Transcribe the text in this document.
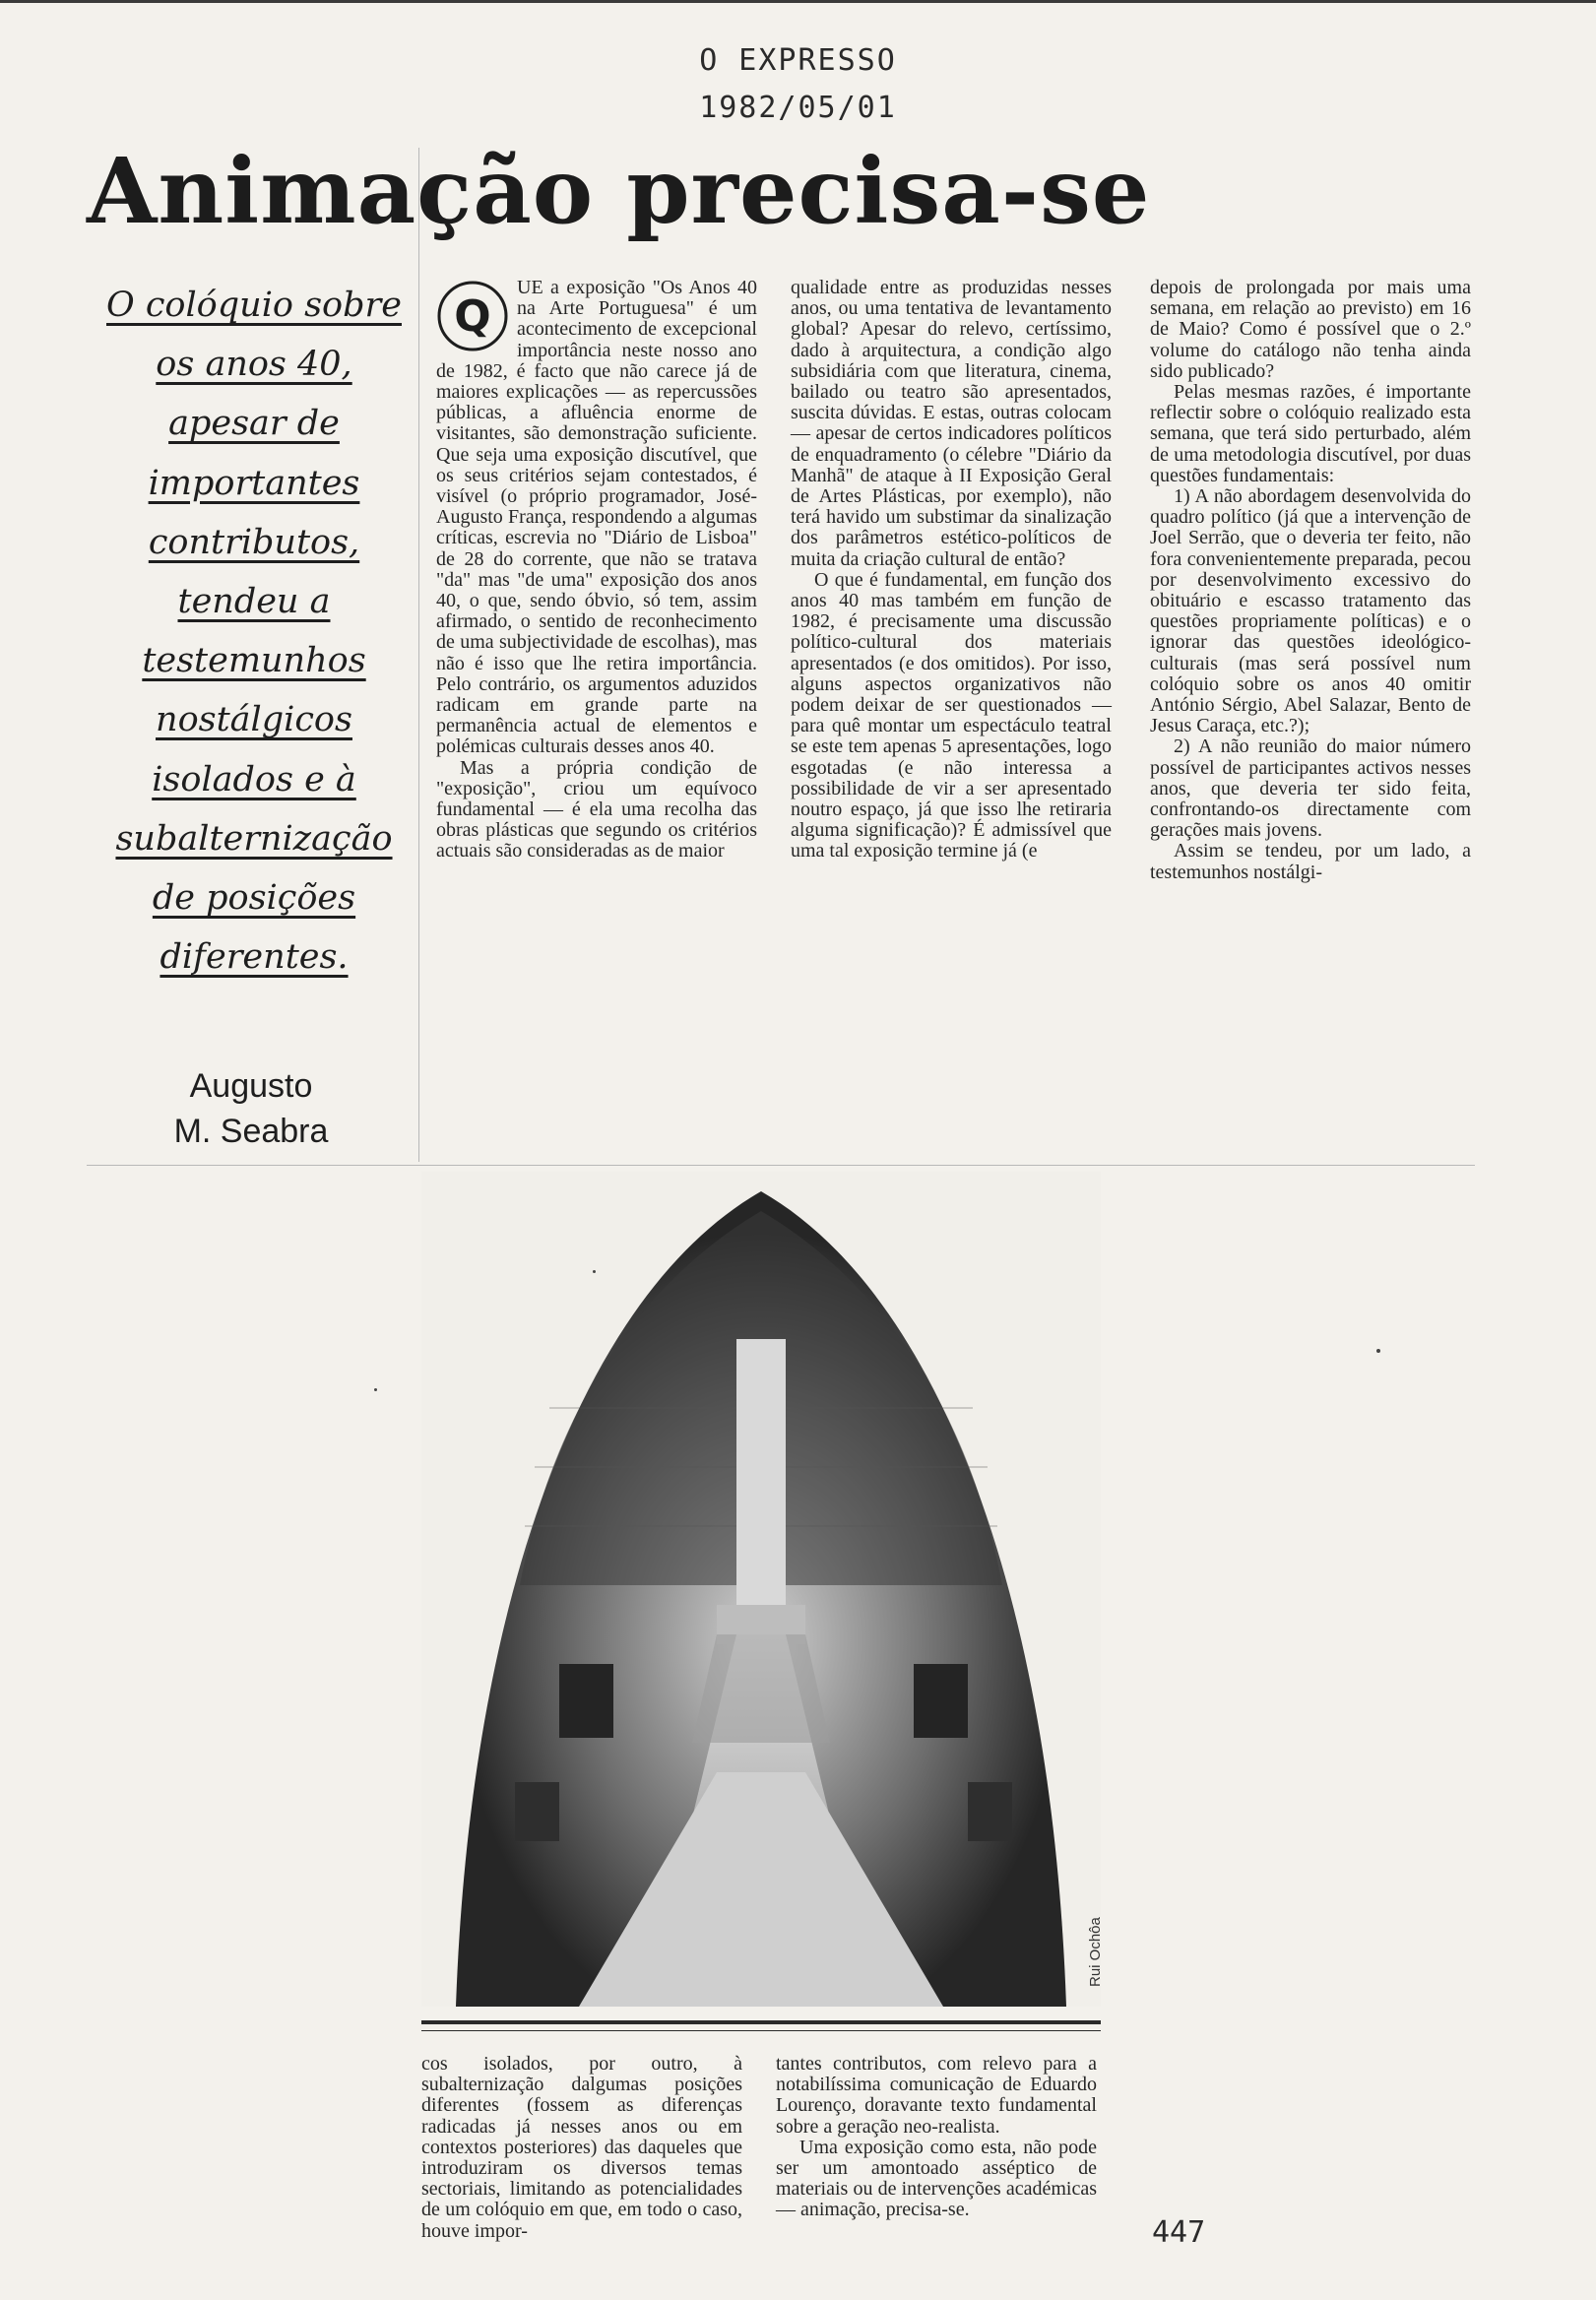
O EXPRESSO
1982/05/01
Animação precisa-se
O colóquio sobre
os anos 40,
apesar de
importantes
contributos,
tendeu a
testemunhos
nostálgicos
isolados e à
subalternização
de posições
diferentes.
Augusto
M. Seabra
Q

UE a exposição "Os Anos 40 na Arte Portuguesa" é um acontecimento de excepcional importância neste nosso ano de 1982, é facto que não carece já de maiores explicações — as repercussões públicas, a afluência enorme de visitantes, são demonstração suficiente. Que seja uma exposição discutível, que os seus critérios sejam contestados, é visível (o próprio programador, José-Augusto França, respondendo a algumas críticas, escrevia no "Diário de Lisboa" de 28 do corrente, que não se tratava "da" mas "de uma" exposição dos anos 40, o que, sendo óbvio, só tem, assim afirmado, o sentido de reconhecimento de uma subjectividade de escolhas), mas não é isso que lhe retira importância. Pelo contrário, os argumentos aduzidos radicam em grande parte na permanência actual de elementos e polémicas culturais desses anos 40.

Mas a própria condição de "exposição", criou um equívoco fundamental — é ela uma recolha das obras plásticas que segundo os critérios actuais são consideradas as de maior

qualidade entre as produzidas nesses anos, ou uma tentativa de levantamento global? Apesar do relevo, certíssimo, dado à arquitectura, a condição algo subsidiária com que literatura, cinema, bailado ou teatro são apresentados, suscita dúvidas. E estas, outras colocam — apesar de certos indicadores políticos de enquadramento (o célebre "Diário da Manhã" de ataque à II Exposição Geral de Artes Plásticas, por exemplo), não terá havido um substimar da sinalização dos parâmetros estético-políticos de muita da criação cultural de então?

O que é fundamental, em função dos anos 40 mas também em função de 1982, é precisamente uma discussão político-cultural dos materiais apresentados (e dos omitidos). Por isso, alguns aspectos organizativos não podem deixar de ser questionados — para quê montar um espectáculo teatral se este tem apenas 5 apresentações, logo esgotadas (e não interessa a possibilidade de vir a ser apresentado noutro espaço, já que isso lhe retiraria alguma significação)? É admissível que uma tal exposição termine já (e

depois de prolongada por mais uma semana, em relação ao previsto) em 16 de Maio? Como é possível que o 2.º volume do catálogo não tenha ainda sido publicado?

Pelas mesmas razões, é importante reflectir sobre o colóquio realizado esta semana, que terá sido perturbado, além de uma metodologia discutível, por duas questões fundamentais:

1) A não abordagem desenvolvida do quadro político (já que a intervenção de Joel Serrão, que o deveria ter feito, não fora convenientemente preparada, pecou por desenvolvimento excessivo do obituário e escasso tratamento das questões propriamente políticas) e o ignorar das questões ideológico-culturais (mas será possível num colóquio sobre os anos 40 omitir António Sérgio, Abel Salazar, Bento de Jesus Caraça, etc.?);

2) A não reunião do maior número possível de participantes activos nesses anos, que deveria ter sido feita, confrontando-os directamente com gerações mais jovens.

Assim se tendeu, por um lado, a testemunhos nostálgi-

Rui Ochôa

cos isolados, por outro, à subalternização dalgumas posições diferentes (fossem as diferenças radicadas já nesses anos ou em contextos posteriores) das daqueles que introduziram os diversos temas sectoriais, limitando as potencialidades de um colóquio em que, em todo o caso, houve impor-

tantes contributos, com relevo para a notabilíssima comunicação de Eduardo Lourenço, doravante texto fundamental sobre a geração neo-realista.

Uma exposição como esta, não pode ser um amontoado asséptico de materiais ou de intervenções académicas — animação, precisa-se.

447
